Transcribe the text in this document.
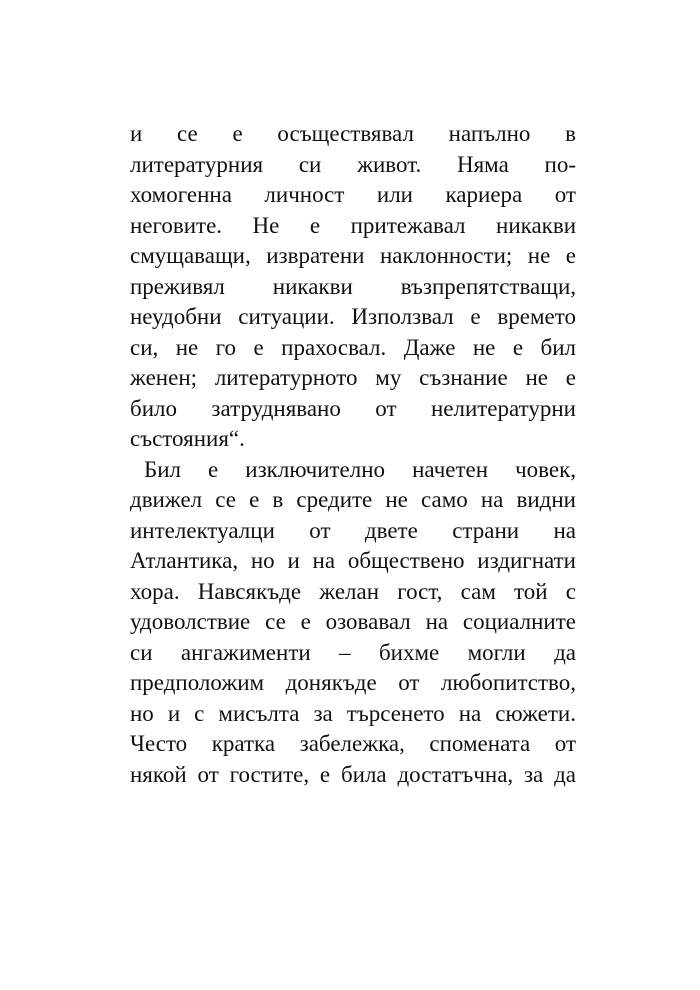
и се е осъществявал напълно в
литературния си живот. Няма по-
хомогенна личност или кариера от
неговите. Не е притежавал никакви
смущаващи, извратени наклонности; не е
преживял никакви възпрепятстващи,
неудобни ситуации. Използвал е времето
си, не го е прахосвал. Даже не е бил
женен; литературното му съзнание не е
било затруднявано от нелитературни
състояния“.
Бил е изключително начетен човек,
движел се е в средите не само на видни
интелектуалци от двете страни на
Атлантика, но и на обществено издигнати
хора. Навсякъде желан гост, сам той с
удоволствие се е озовавал на социалните
си ангажименти – бихме могли да
предположим донякъде от любопитство,
но и с мисълта за търсенето на сюжети.
Често кратка забележка, спомената от
някой от гостите, е била достатъчна, за да
